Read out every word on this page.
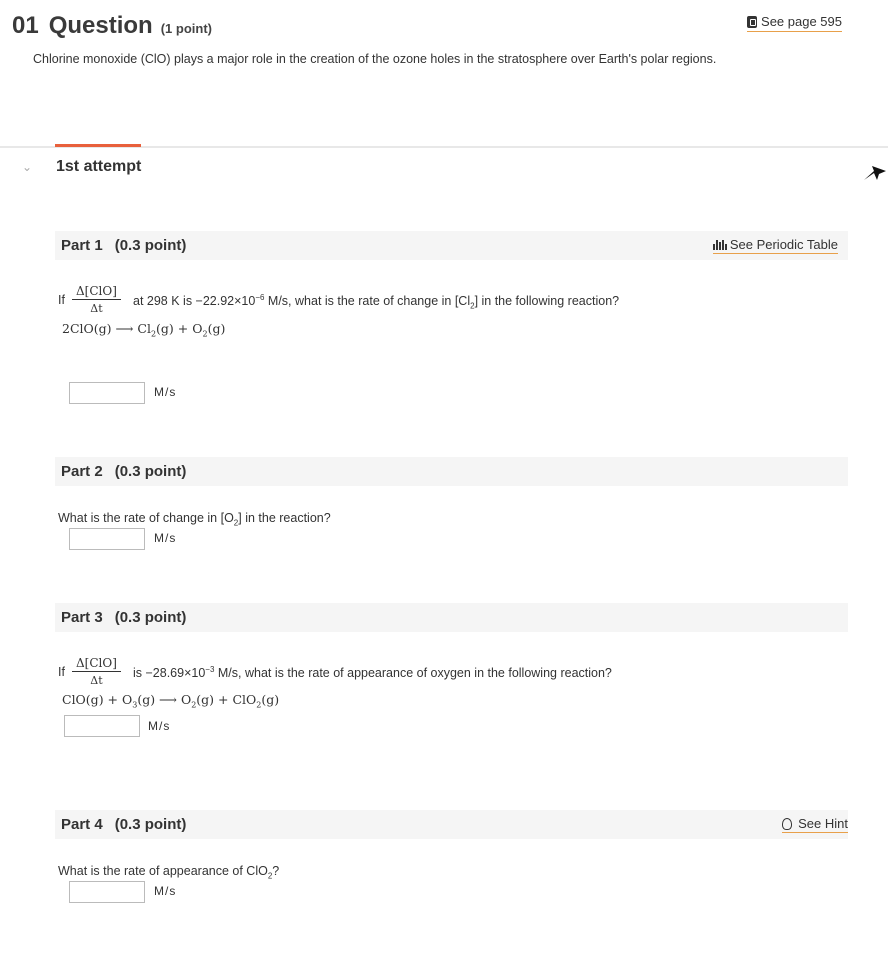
01 Question (1 point)	See page 595
Chlorine monoxide (ClO) plays a major role in the creation of the ozone holes in the stratosphere over Earth's polar regions.
⌄ 1st attempt
Part 1 (0.3 point)	See Periodic Table
If
Δ[ClO]
Δt
at 298 K is $-22.92\times 10^{-6}$ M/s, what is the rate of change in $[Cl_2]$ in the following reaction?
2ClO(g) ⟶ $Cl_2(g) + O_2(g)$
M/s
Part 2 (0.3 point)
What is the rate of change in $[O_2]$ in the reaction?
M/s
Part 3 (0.3 point)
If
Δ[ClO]
Δt
is $-28.69\times 10^{-3}$ M/s, what is the rate of appearance of oxygen in the following reaction?
$ClO(g) + O_3(g)$ ⟶ $O_2(g) + ClO_2(g)$
M/s
Part 4 (0.3 point)	See Hint
What is the rate of appearance of ClO$_2$?
M/s
